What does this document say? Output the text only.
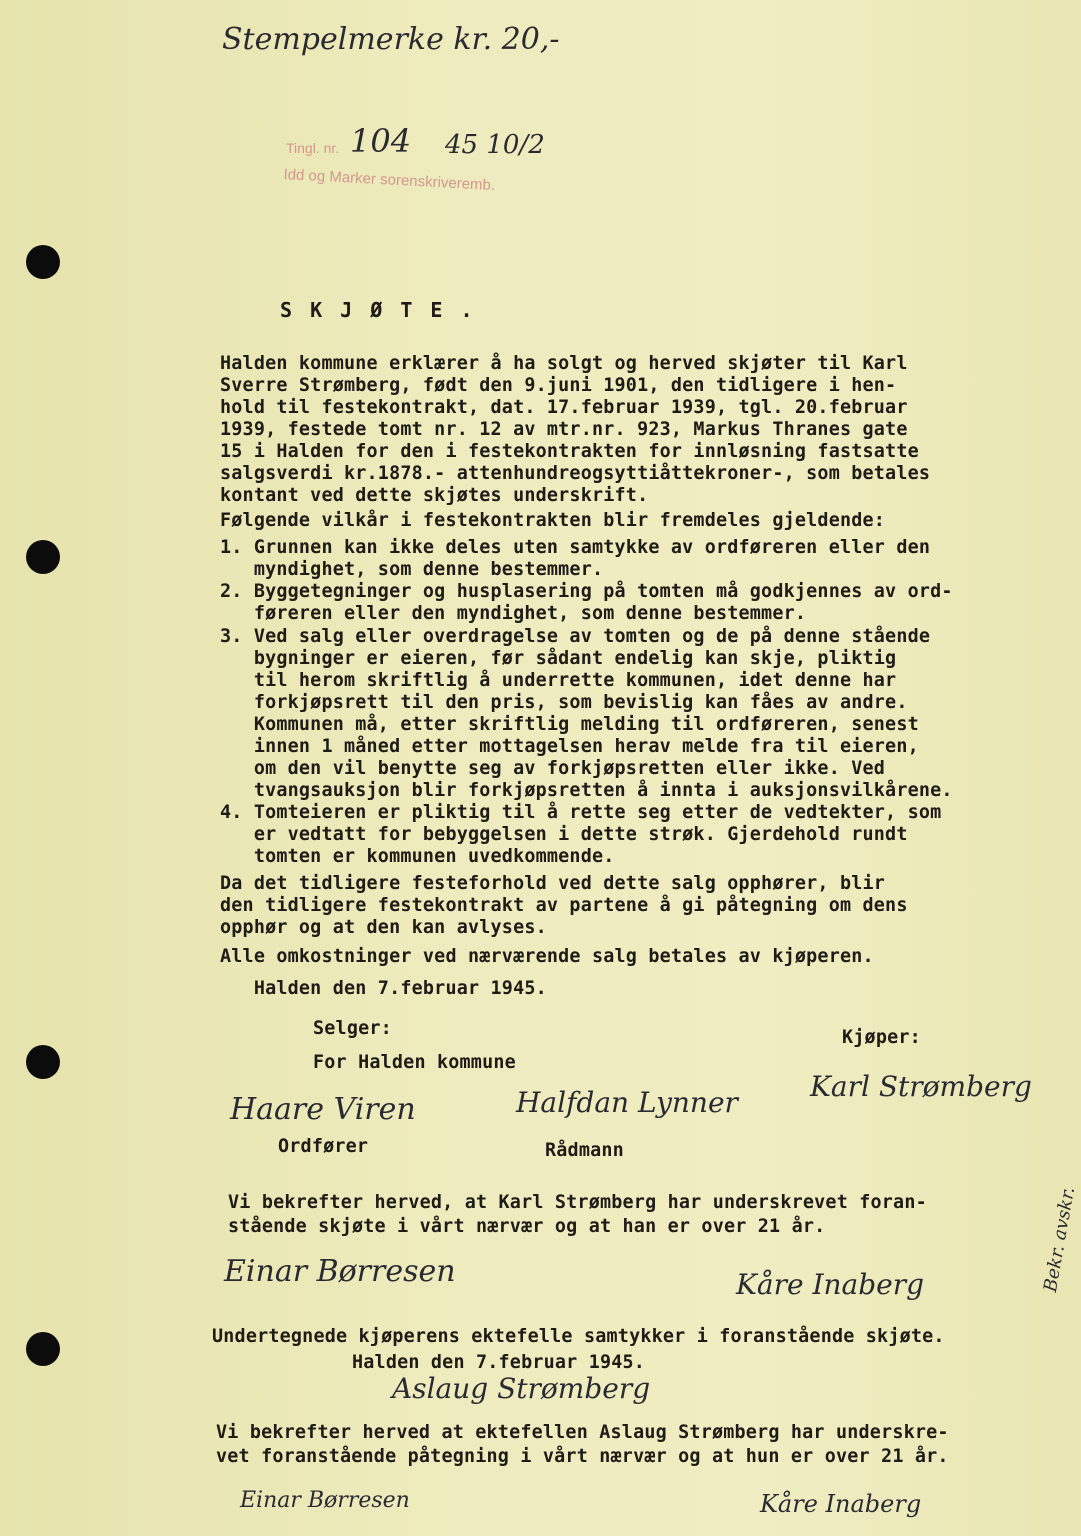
Stempelmerke kr. 20,-
Tingl. nr. 104 45 10/2
Idd og Marker sorenskriveremb.
S K J Ø T E .
Halden kommune erklærer å ha solgt og herved skjøter til Karl
Sverre Strømberg, født den 9.juni 1901, den tidligere i hen-
hold til festekontrakt, dat. 17.februar 1939, tgl. 20.februar
1939, festede tomt nr. 12 av mtr.nr. 923, Markus Thranes gate
15 i Halden for den i festekontrakten for innløsning fastsatte
salgsverdi kr.1878.- attenhundreogsyttiåttekroner-, som betales
kontant ved dette skjøtes underskrift.
Følgende vilkår i festekontrakten blir fremdeles gjeldende:
1. Grunnen kan ikke deles uten samtykke av ordføreren eller den
myndighet, som denne bestemmer.
2. Byggetegninger og husplasering på tomten må godkjennes av ord-
føreren eller den myndighet, som denne bestemmer.
3. Ved salg eller overdragelse av tomten og de på denne stående
bygninger er eieren, før sådant endelig kan skje, pliktig
til herom skriftlig å underrette kommunen, idet denne har
forkjøpsrett til den pris, som bevislig kan fåes av andre.
Kommunen må, etter skriftlig melding til ordføreren, senest
innen 1 måned etter mottagelsen herav melde fra til eieren,
om den vil benytte seg av forkjøpsretten eller ikke. Ved
tvangsauksjon blir forkjøpsretten å innta i auksjonsvilkårene.
4. Tomteieren er pliktig til å rette seg etter de vedtekter, som
er vedtatt for bebyggelsen i dette strøk. Gjerdehold rundt
tomten er kommunen uvedkommende.
Da det tidligere festeforhold ved dette salg opphører, blir
den tidligere festekontrakt av partene å gi påtegning om dens
opphør og at den kan avlyses.
Alle omkostninger ved nærværende salg betales av kjøperen.
Halden den 7.februar 1945.
Selger:
For Halden kommune
Kjøper:
Haare Viren	Halfdan Lynner	Karl Strømberg
Ordfører	Rådmann
Vi bekrefter herved, at Karl Strømberg har underskrevet foran-
stående skjøte i vårt nærvær og at han er over 21 år.
Einar Børresen	Kåre Inaberg
Undertegnede kjøperens ektefelle samtykker i foranstående skjøte.
Halden den 7.februar 1945.
Aslaug Strømberg
Vi bekrefter herved at ektefellen Aslaug Strømberg har underskre-
vet foranstående påtegning i vårt nærvær og at hun er over 21 år.
Einar Børresen	Kåre Inaberg
Bekr. avskr.
